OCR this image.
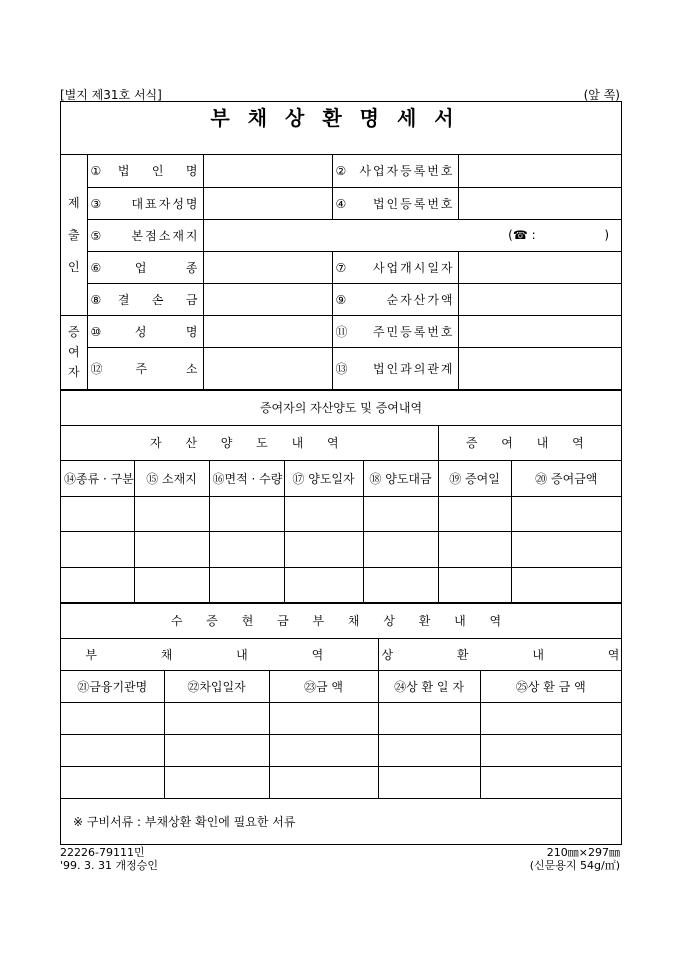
[별지 제31호 서식]	(앞 쪽)
부채상환명세서
제출인	①법 인 명		②사업자등록번호	
	③대표자성명		④법인등록번호	
	⑤본점소재지	(☎ :                  )		
	⑥업 종		⑦사업개시일자	
	⑧결 손 금		⑨순자산가액	
증여자	⑩성 명		⑪주민등록번호	
	⑫주 소		⑬법인과의관계	
증여자의 자산양도 및 증여내역						
자 산 양 도 내 역					증 여 내 역	
⑭종류 · 구분	⑮ 소재지	⑯면적 · 수량	⑰ 양도일자	⑱ 양도대금	⑲ 증여일	⑳ 증여금액

수 증 현 금 부 채 상 환 내 역				
부 채 내 역			상 환 내 역	
㉑금융기관명	㉒차입일자	㉓금 액	㉔상 환 일 자	㉕상 환 금 액

※ 구비서류 : 부채상환 확인에 필요한 서류				
22226-79111민
'99. 3. 31 개정승인
210㎜×297㎜
(신문용지 54g/㎡)
